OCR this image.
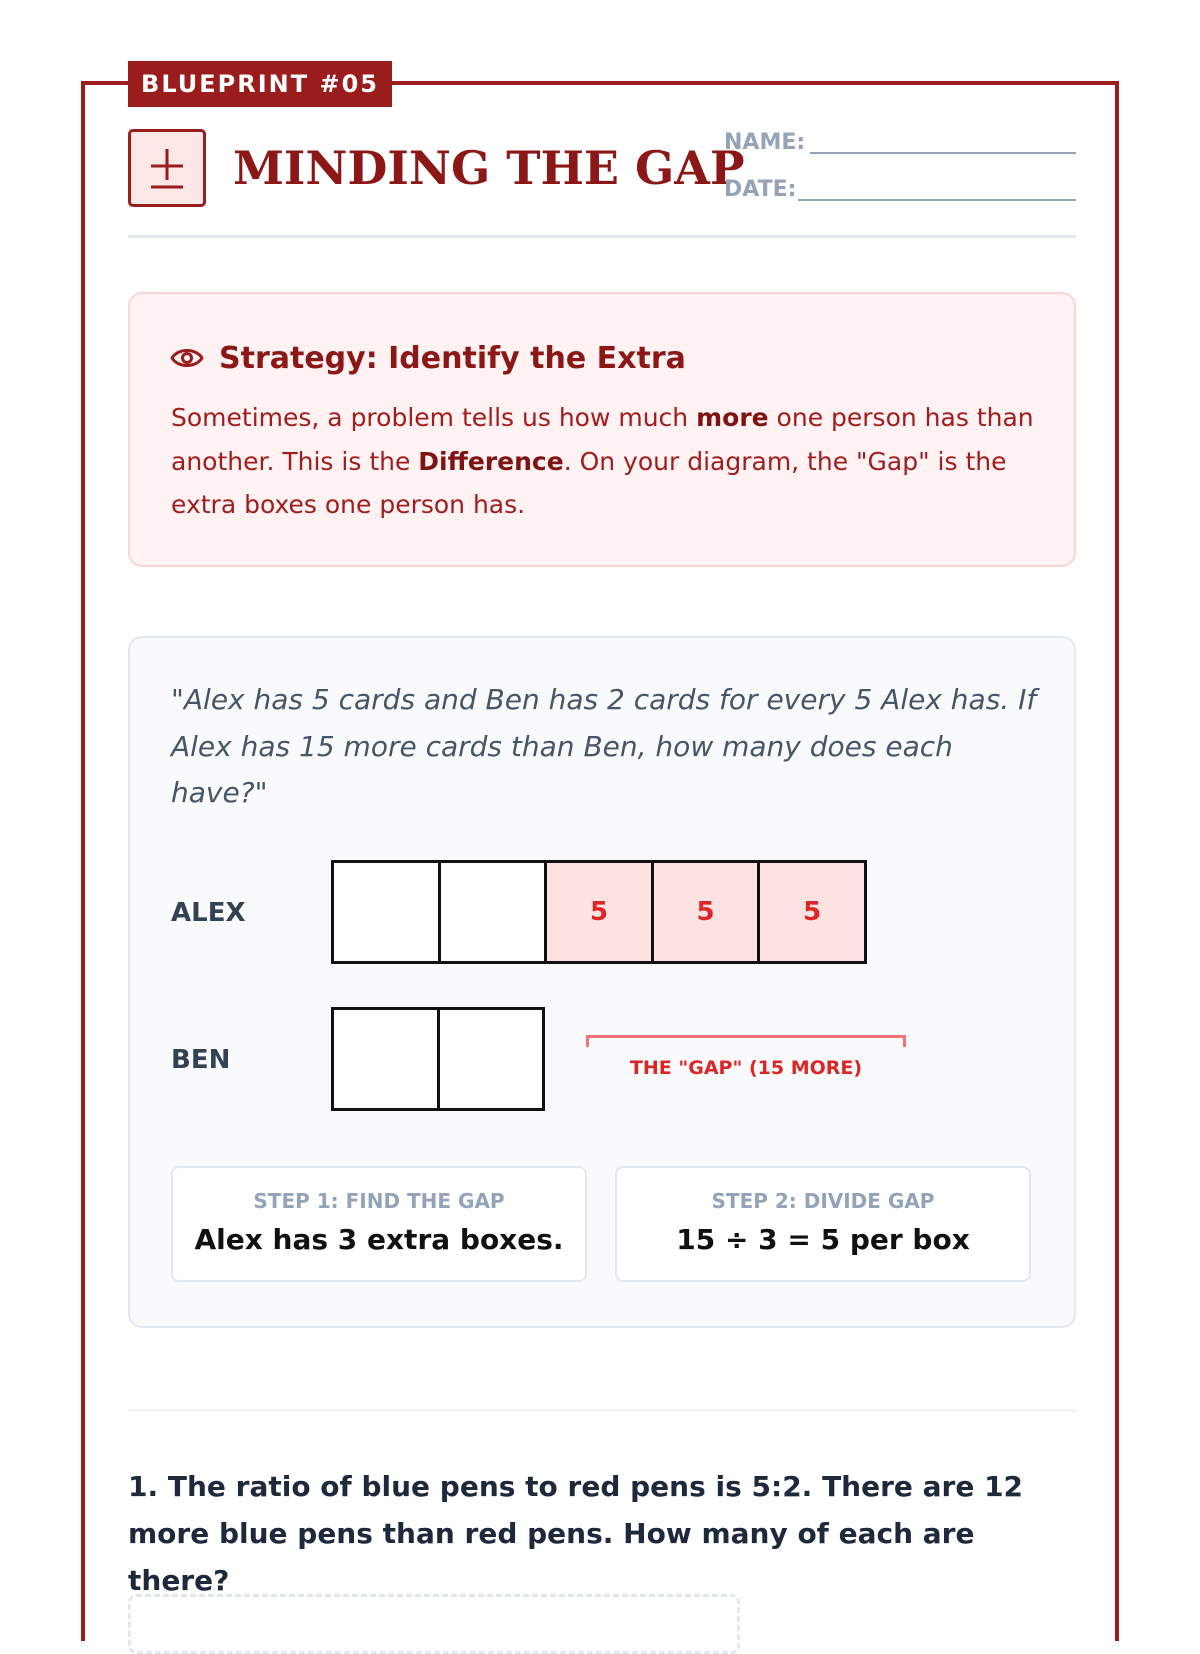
BLUEPRINT #05
MINDING THE GAP
NAME:
DATE:
Strategy: Identify the Extra
Sometimes, a problem tells us how much more one person has than another. This is the Difference. On your diagram, the "Gap" is the extra boxes one person has.
"Alex has 5 cards and Ben has 2 cards for every 5 Alex has. If Alex has 15 more cards than Ben, how many does each have?"
ALEX	5	5	5
BEN	THE "GAP" (15 MORE)
STEP 1: FIND THE GAP
Alex has 3 extra boxes.
STEP 2: DIVIDE GAP
15 ÷ 3 = 5 per box
1. The ratio of blue pens to red pens is 5:2. There are 12 more blue pens than red pens. How many of each are there?
